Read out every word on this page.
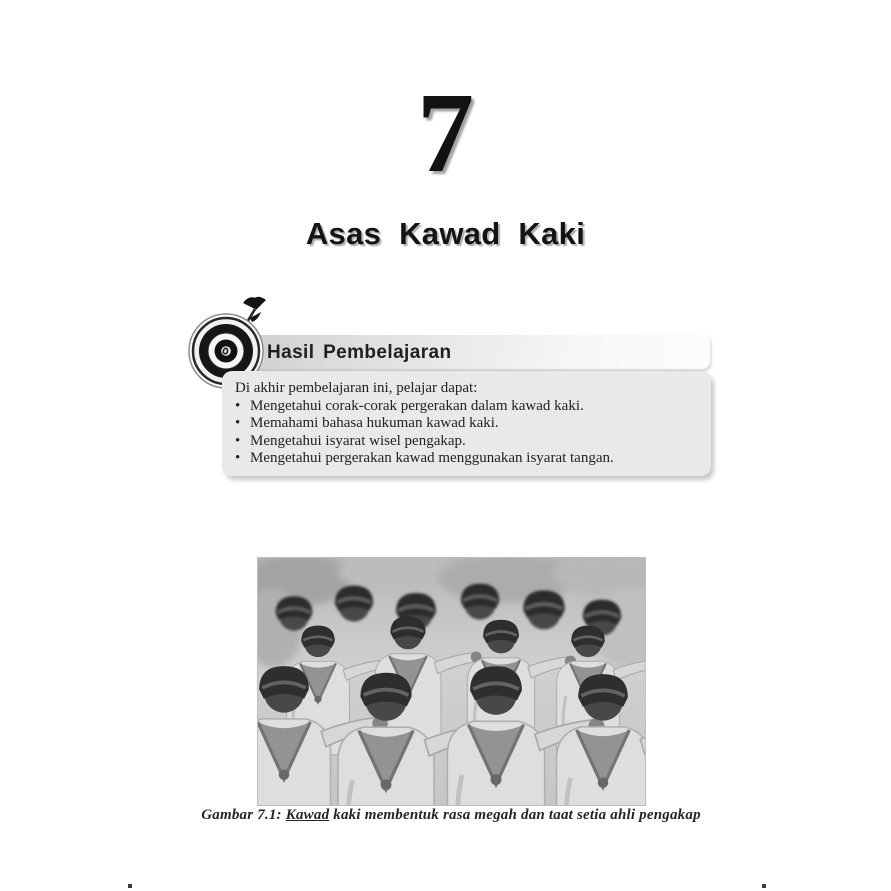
7
Asas Kawad Kaki
Hasil Pembelajaran
Di akhir pembelajaran ini, pelajar dapat:
• Mengetahui corak-corak pergerakan dalam kawad kaki.
• Memahami bahasa hukuman kawad kaki.
• Mengetahui isyarat wisel pengakap.
• Mengetahui pergerakan kawad menggunakan isyarat tangan.
Gambar 7.1: Kawad kaki membentuk rasa megah dan taat setia ahli pengakap
